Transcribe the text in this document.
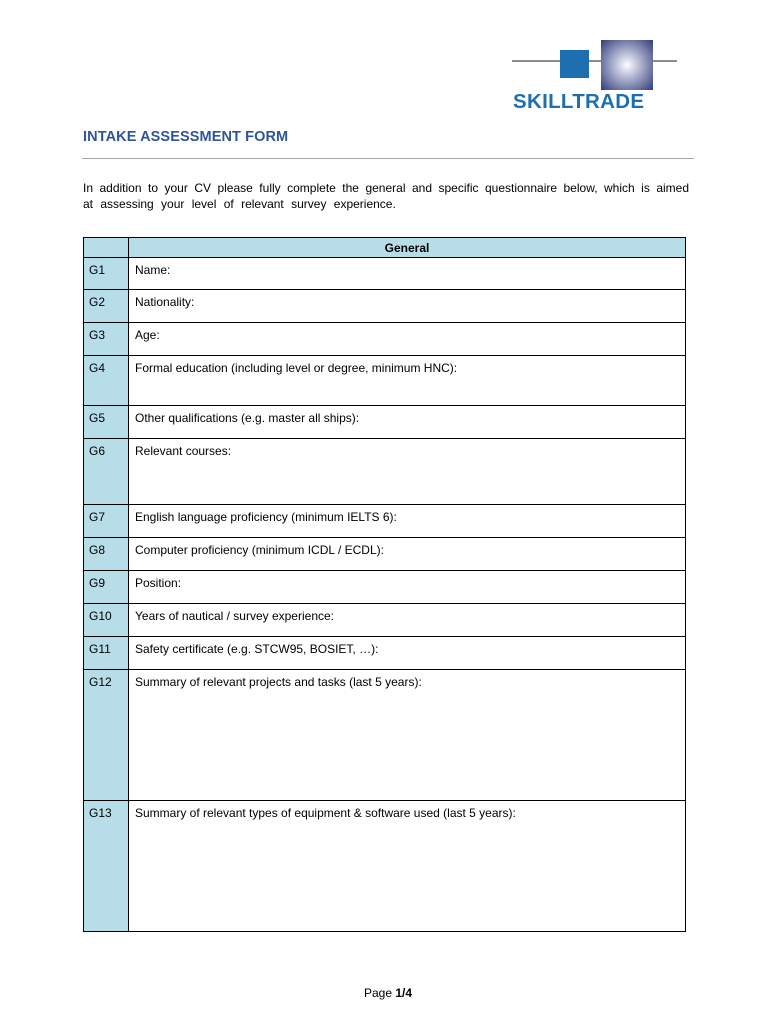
SKILLTRADE
INTAKE ASSESSMENT FORM

In addition to your CV please fully complete the general and specific questionnaire below, which is aimed

at assessing your level of relevant survey experience.

	General
G1	Name:
G2	Nationality:
G3	Age:
G4	Formal education (including level or degree, minimum HNC):
G5	Other qualifications (e.g. master all ships):
G6	Relevant courses:
G7	English language proficiency (minimum IELTS 6):
G8	Computer proficiency (minimum ICDL / ECDL):
G9	Position:
G10	Years of nautical / survey experience:
G11	Safety certificate (e.g. STCW95, BOSIET, …):
G12	Summary of relevant projects and tasks (last 5 years):
G13	Summary of relevant types of equipment & software used (last 5 years):
Page 1/4
